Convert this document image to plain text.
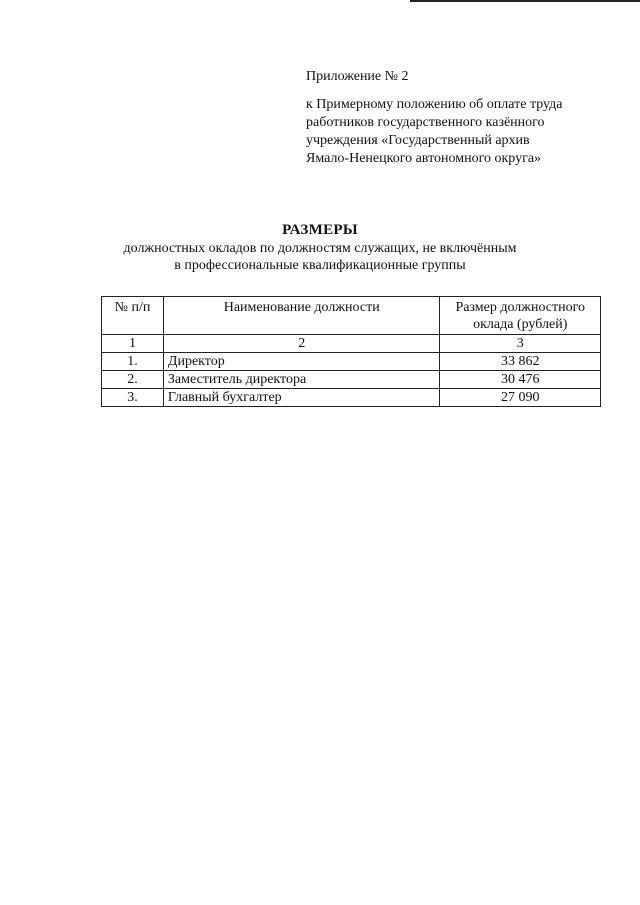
Приложение № 2
к Примерному положению об оплате труда
работников государственного казённого
учреждения «Государственный архив
Ямало-Ненецкого автономного округа»
РАЗМЕРЫ
должностных окладов по должностям служащих, не включённым
в профессиональные квалификационные группы
№ п/п	Наименование должности	Размер должностного оклада (рублей)
1	2	3
1.	Директор	33 862
2.	Заместитель директора	30 476
3.	Главный бухгалтер	27 090
